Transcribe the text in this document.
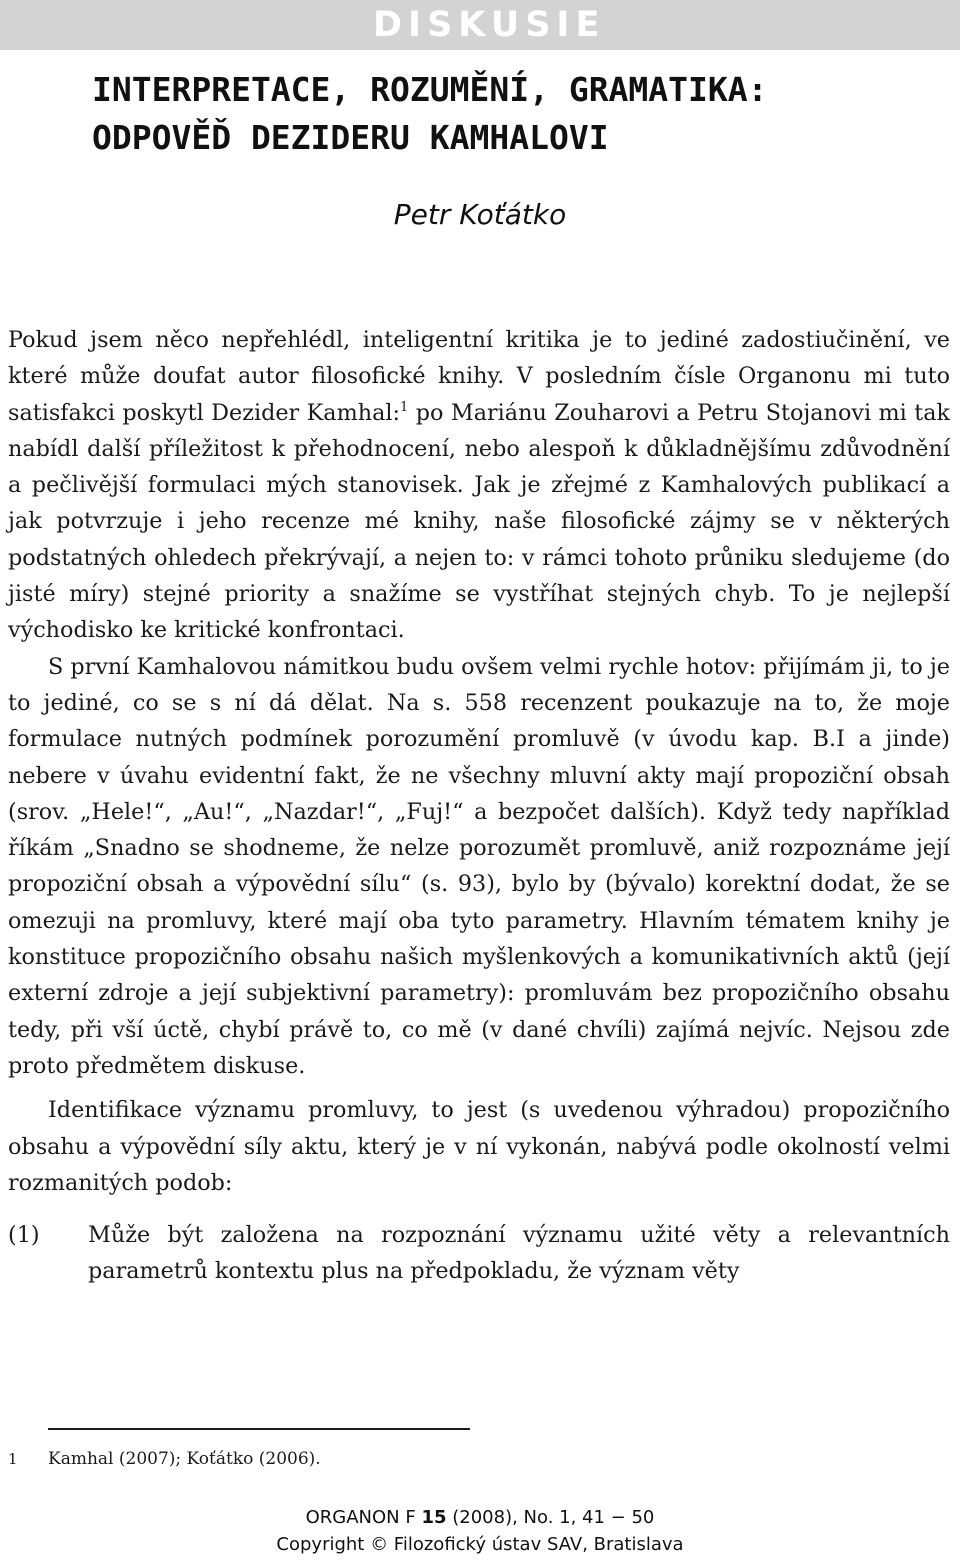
DISKUSIE
INTERPRETACE, ROZUMĚNÍ, GRAMATIKA:
ODPOVĚĎ DEZIDERU KAMHALOVI
Petr Koťátko

Pokud jsem něco nepřehlédl, inteligentní kritika je to jediné zadostiučinění, ve které může doufat autor filosofické knihy. V posledním čísle Organonu mi tuto satisfakci poskytl Dezider Kamhal:$^1$ po Mariánu Zouharovi a Petru Stojanovi mi tak nabídl další příležitost k přehodnocení, nebo alespoň k důkladnějšímu zdůvodnění a pečlivější formulaci mých stanovisek. Jak je zřejmé z Kamhalových publikací a jak potvrzuje i jeho recenze mé knihy, naše filosofické zájmy se v některých podstatných ohledech překrývají, a nejen to: v rámci tohoto průniku sledujeme (do jisté míry) stejné priority a snažíme se vystříhat stejných chyb. To je nejlepší východisko ke kritické konfrontaci.

S první Kamhalovou námitkou budu ovšem velmi rychle hotov: přijímám ji, to je to jediné, co se s ní dá dělat. Na s. 558 recenzent poukazuje na to, že moje formulace nutných podmínek porozumění promluvě (v úvodu kap. B.I a jinde) nebere v úvahu evidentní fakt, že ne všechny mluvní akty mají propoziční obsah (srov. „Hele!“, „Au!“, „Nazdar!“, „Fuj!“ a bezpočet dalších). Když tedy například říkám „Snadno se shodneme, že nelze porozumět promluvě, aniž rozpoznáme její propoziční obsah a výpovědní sílu“ (s. 93), bylo by (bývalo) korektní dodat, že se omezuji na promluvy, které mají oba tyto parametry. Hlavním tématem knihy je konstituce propozičního obsahu našich myšlenkových a komunikativních aktů (její externí zdroje a její subjektivní parametry): promluvám bez propozičního obsahu tedy, při vší úctě, chybí právě to, co mě (v dané chvíli) zajímá nejvíc. Nejsou zde proto předmětem diskuse.

Identifikace významu promluvy, to jest (s uvedenou výhradou) propozičního obsahu a výpovědní síly aktu, který je v ní vykonán, nabývá podle okolností velmi rozmanitých podob:

(1) Může být založena na rozpoznání významu užité věty a relevantních parametrů kontextu plus na předpokladu, že význam věty
1 Kamhal (2007); Koťátko (2006).
ORGANON F 15 (2008), No. 1, 41 − 50
Copyright © Filozofický ústav SAV, Bratislava
